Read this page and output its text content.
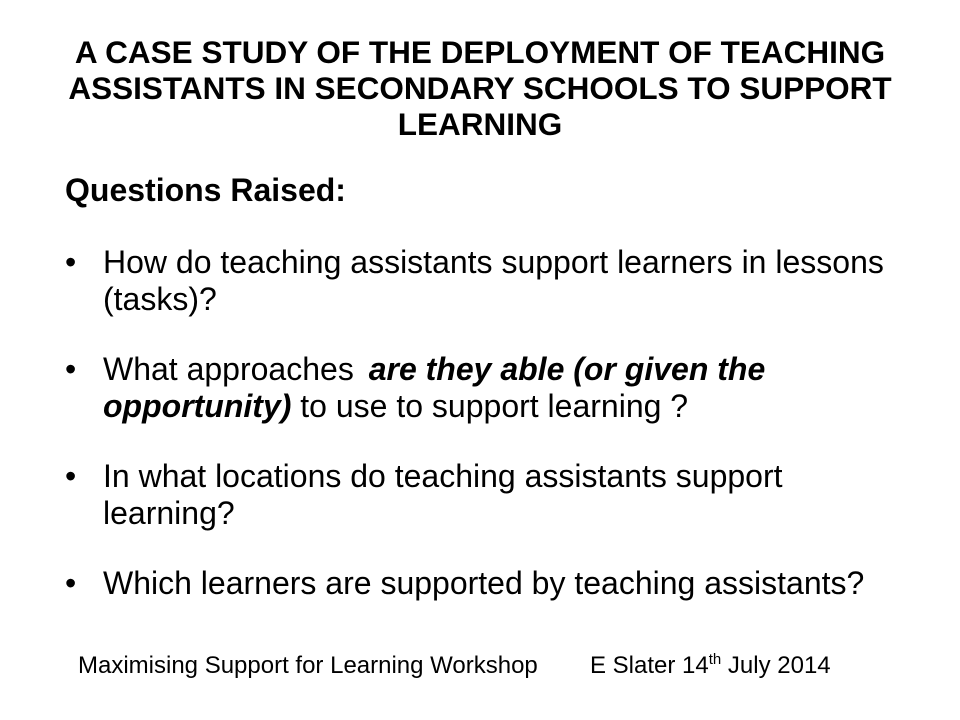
A CASE STUDY OF THE DEPLOYMENT OF TEACHING
ASSISTANTS IN SECONDARY SCHOOLS TO SUPPORT
LEARNING
Questions Raised:
• How do teaching assistants support learners in lessons (tasks)?
• What approaches are they able (or given the opportunity) to use to support learning ?
• In what locations do teaching assistants support learning?
• Which learners are supported by teaching assistants?
Maximising Support for Learning Workshop E Slater 14th July 2014
